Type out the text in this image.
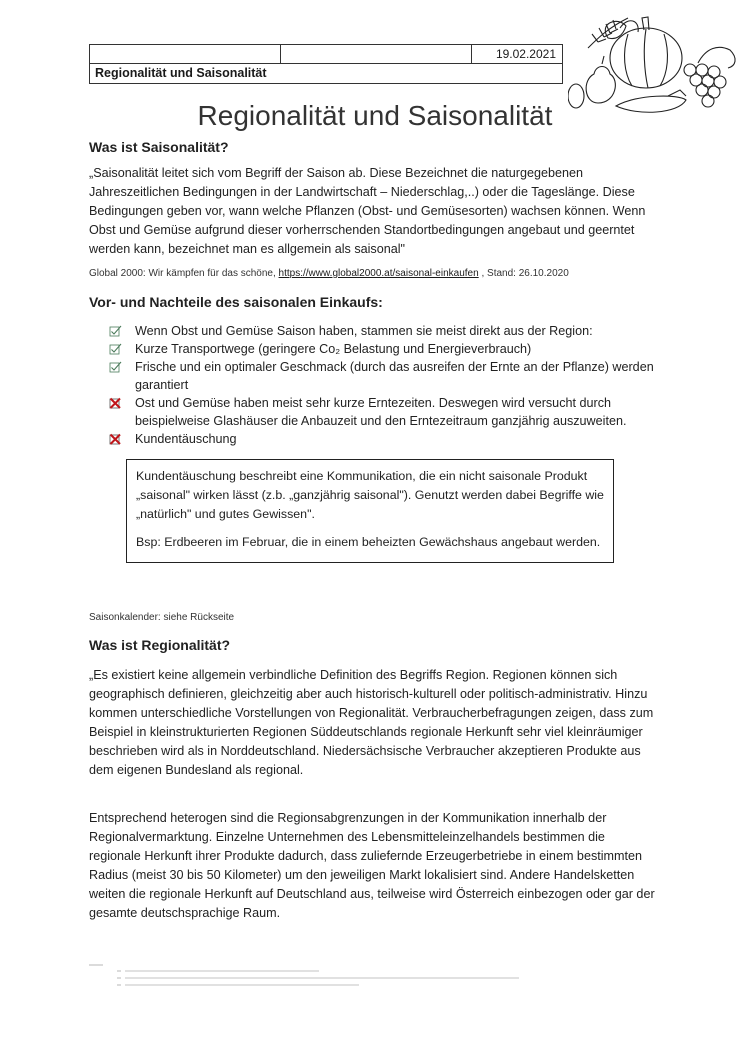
19.02.2021
Regionalität und Saisonalität
Regionalität und Saisonalität
Was ist Saisonalität?
„Saisonalität leitet sich vom Begriff der Saison ab. Diese Bezeichnet die naturgegebenen Jahreszeitlichen Bedingungen in der Landwirtschaft – Niederschlag,..) oder die Tageslänge. Diese Bedingungen geben vor, wann welche Pflanzen (Obst- und Gemüsesorten) wachsen können. Wenn Obst und Gemüse aufgrund dieser vorherrschenden Standortbedingungen angebaut und geerntet werden kann, bezeichnet man es allgemein als saisonal"
Global 2000: Wir kämpfen für das schöne, https://www.global2000.at/saisonal-einkaufen , Stand: 26.10.2020
Vor- und Nachteile des saisonalen Einkaufs:
Wenn Obst und Gemüse Saison haben, stammen sie meist direkt aus der Region:
Kurze Transportwege (geringere Co₂ Belastung und Energieverbrauch)
Frische und ein optimaler Geschmack (durch das ausreifen der Ernte an der Pflanze) werden garantiert
Ost und Gemüse haben meist sehr kurze Erntezeiten. Deswegen wird versucht durch beispielweise Glashäuser die Anbauzeit und den Erntezeitraum ganzjährig auszuweiten.
Kundentäuschung

Kundentäuschung beschreibt eine Kommunikation, die ein nicht saisonale Produkt „saisonal" wirken lässt (z.b. „ganzjährig saisonal"). Genutzt werden dabei Begriffe wie „natürlich" und gutes Gewissen".

Bsp: Erdbeeren im Februar, die in einem beheizten Gewächshaus angebaut werden.

Saisonkalender: siehe Rückseite
Was ist Regionalität?
„Es existiert keine allgemein verbindliche Definition des Begriffs Region. Regionen können sich geographisch definieren, gleichzeitig aber auch historisch-kulturell oder politisch-administrativ. Hinzu kommen unterschiedliche Vorstellungen von Regionalität. Verbraucherbefragungen zeigen, dass zum Beispiel in kleinstrukturierten Regionen Süddeutschlands regionale Herkunft sehr viel kleinräumiger beschrieben wird als in Norddeutschland. Niedersächsische Verbraucher akzeptieren Produkte aus dem eigenen Bundesland als regional.
Entsprechend heterogen sind die Regionsabgrenzungen in der Kommunikation innerhalb der Regionalvermarktung. Einzelne Unternehmen des Lebensmitteleinzelhandels bestimmen die regionale Herkunft ihrer Produkte dadurch, dass zuliefernde Erzeugerbetriebe in einem bestimmten Radius (meist 30 bis 50 Kilometer) um den jeweiligen Markt lokalisiert sind. Andere Handelsketten weiten die regionale Herkunft auf Deutschland aus, teilweise wird Österreich einbezogen oder gar der gesamte deutschsprachige Raum.
